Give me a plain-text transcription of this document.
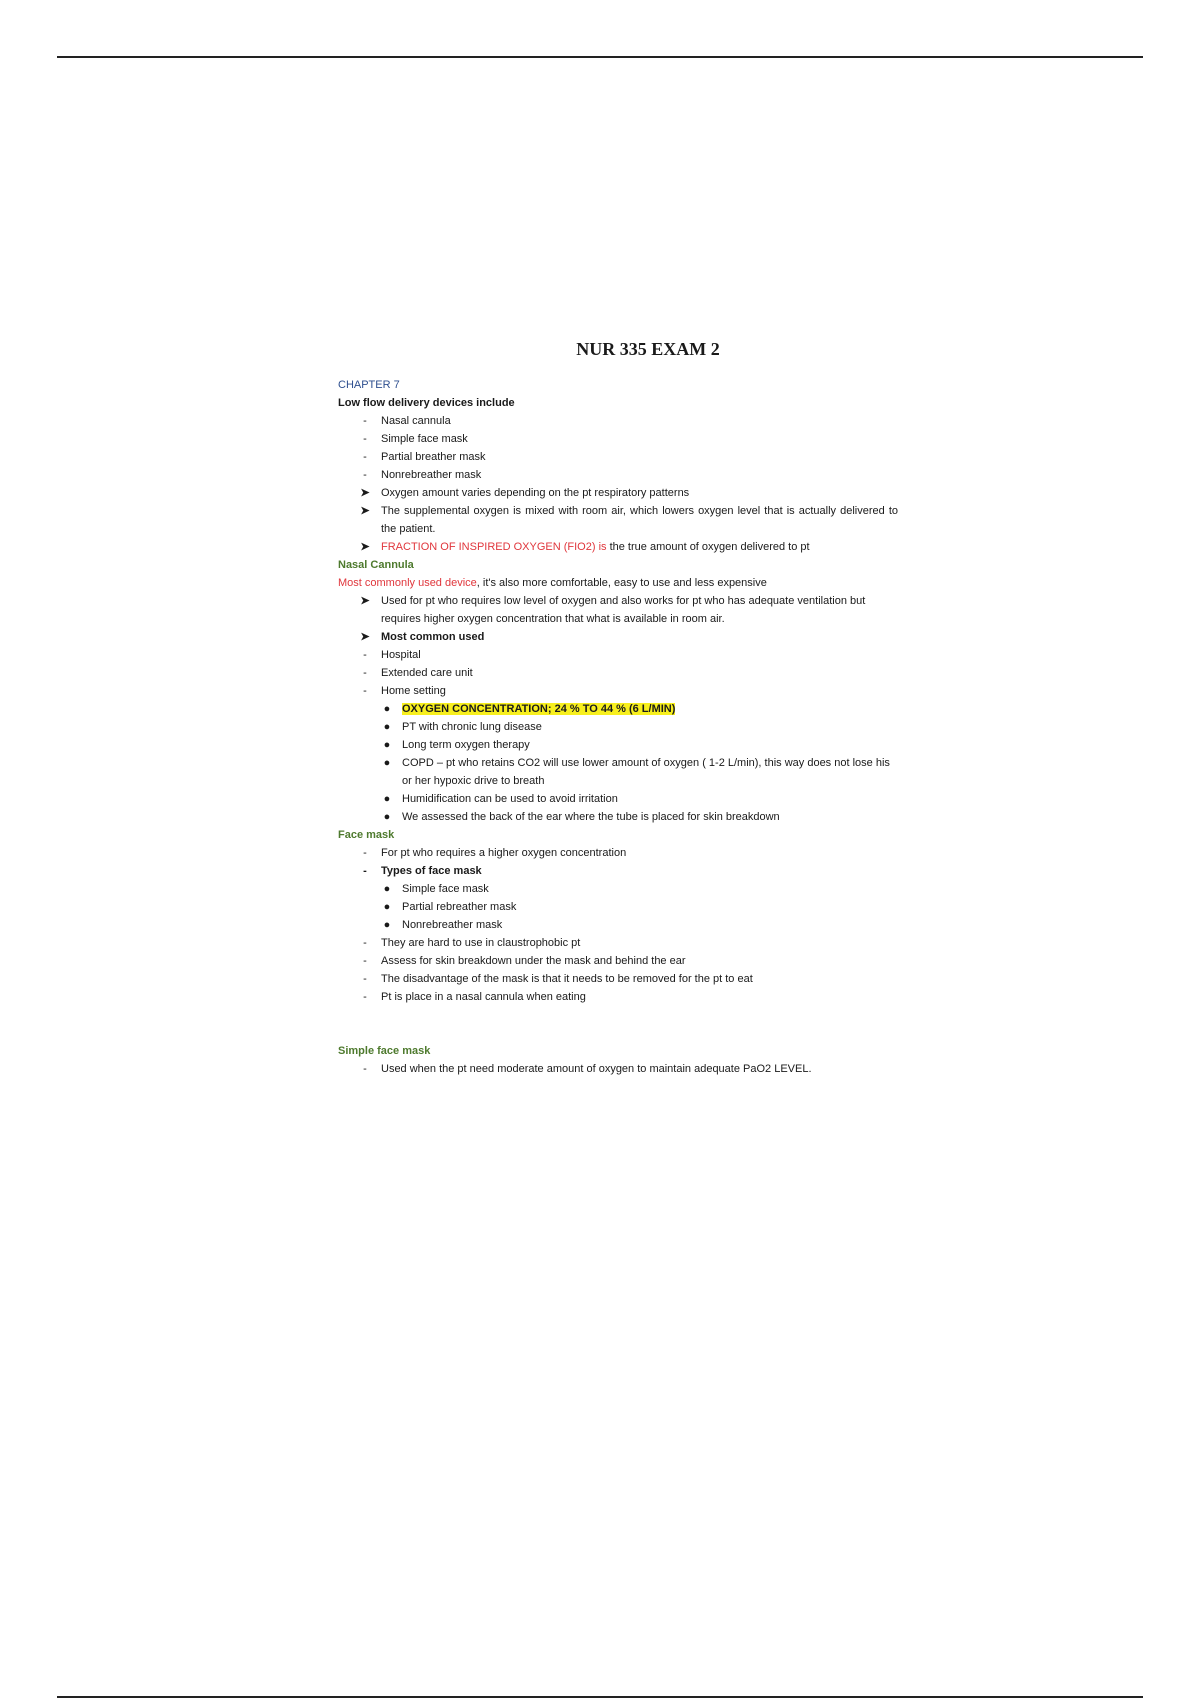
NUR 335 EXAM 2
CHAPTER 7
Low flow delivery devices include
-	Nasal cannula
-	Simple face mask
-	Partial breather mask
-	Nonrebreather mask
➤ Oxygen amount varies depending on the pt respiratory patterns
➤ The supplemental oxygen is mixed with room air, which lowers oxygen level that is actually delivered to the patient.
➤ FRACTION OF INSPIRED OXYGEN (FIO2) is the true amount of oxygen delivered to pt
Nasal Cannula
Most commonly used device, it's also more comfortable, easy to use and less expensive
➤ Used for pt who requires low level of oxygen and also works for pt who has adequate ventilation but requires higher oxygen concentration that what is available in room air.
➤ Most common used
-	Hospital
-	Extended care unit
-	Home setting
●	OXYGEN CONCENTRATION; 24 % TO 44 % (6 L/MIN)
●	PT with chronic lung disease
●	Long term oxygen therapy
●	COPD – pt who retains CO2 will use lower amount of oxygen ( 1-2 L/min), this way does not lose his or her hypoxic drive to breath
●	Humidification can be used to avoid irritation
●	We assessed the back of the ear where the tube is placed for skin breakdown
Face mask
-	For pt who requires a higher oxygen concentration
-	Types of face mask
●	Simple face mask
●	Partial rebreather mask
●	Nonrebreather mask
-	They are hard to use in claustrophobic pt
-	Assess for skin breakdown under the mask and behind the ear
-	The disadvantage of the mask is that it needs to be removed for the pt to eat
-	Pt is place in a nasal cannula when eating
Simple face mask
-	Used when the pt need moderate amount of oxygen to maintain adequate PaO2 LEVEL.
